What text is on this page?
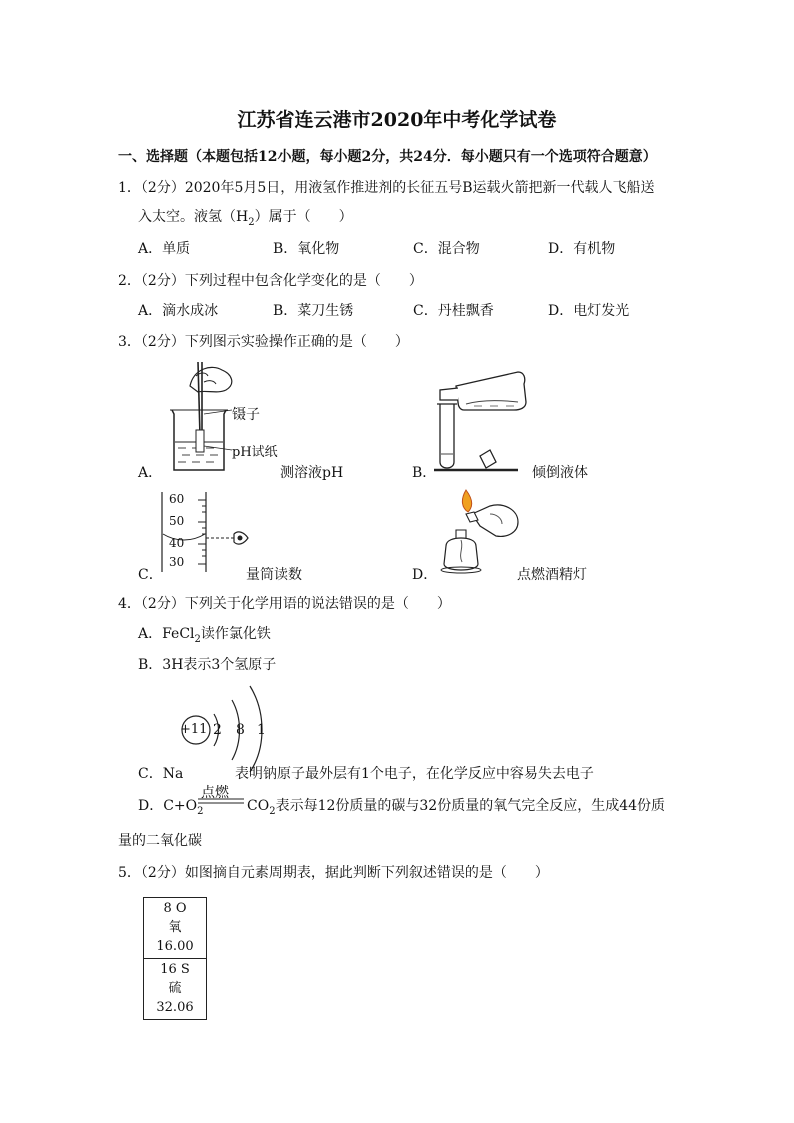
江苏省连云港市2020年中考化学试卷
一、选择题（本题包括12小题，每小题2分，共24分．每小题只有一个选项符合题意）
1．（2分）2020年5月5日，用液氢作推进剂的长征五号B运载火箭把新一代载人飞船送
入太空。液氢$(H_2)$属于（　　）
A．单质	B．氧化物	C．混合物	D．有机物
2．（2分）下列过程中包含化学变化的是（　　）
A．滴水成冰	B．菜刀生锈	C．丹桂飘香	D．电灯发光
3．（2分）下列图示实验操作正确的是（　　）
镊子
pH试纸
A．	测溶液pH	B．	倾倒液体
60
50
40
30
C．	量筒读数	D．	点燃酒精灯
4．（2分）下列关于化学用语的说法错误的是（　　）
A．FeCl$_2$读作氯化铁
B．3H表示3个氢原子
+11 2 8 1
C．Na	表明钠原子最外层有1个电子，在化学反应中容易失去电子
D．$C+O_2$
点燃
$CO_2$表示每12份质量的碳与32份质量的氧气完全反应，生成44份质
量的二氧化碳
5．（2分）如图摘自元素周期表，据此判断下列叙述错误的是（　　）
8 O
氧
16.00
16 S
硫
32.06
